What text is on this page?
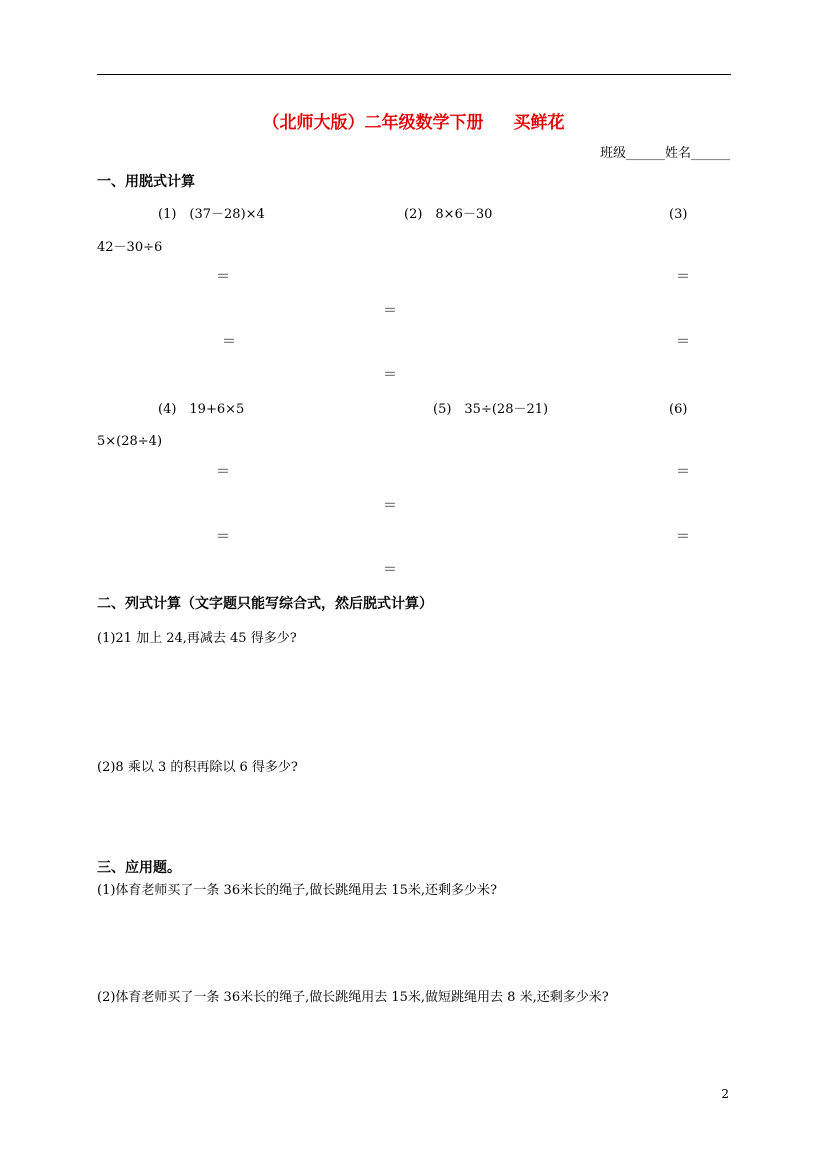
（北师大版）二年级数学下册 买鲜花
班级______姓名______
一、用脱式计算
(1)　(37－28)×4	(2)　8×6－30	(3)
42－30÷6
＝	＝
＝
＝	＝
＝
(4)　19+6×5	(5)　35÷(28－21)	(6)
5×(28÷4)
＝	＝
＝
＝	＝
＝
二、列式计算（文字题只能写综合式，然后脱式计算）
(1)21 加上 24,再减去 45 得多少?
(2)8 乘以 3 的积再除以 6 得多少?
三、应用题。
(1)体育老师买了一条 36米长的绳子,做长跳绳用去 15米,还剩多少米?
(2)体育老师买了一条 36米长的绳子,做长跳绳用去 15米,做短跳绳用去 8 米,还剩多少米?
2
